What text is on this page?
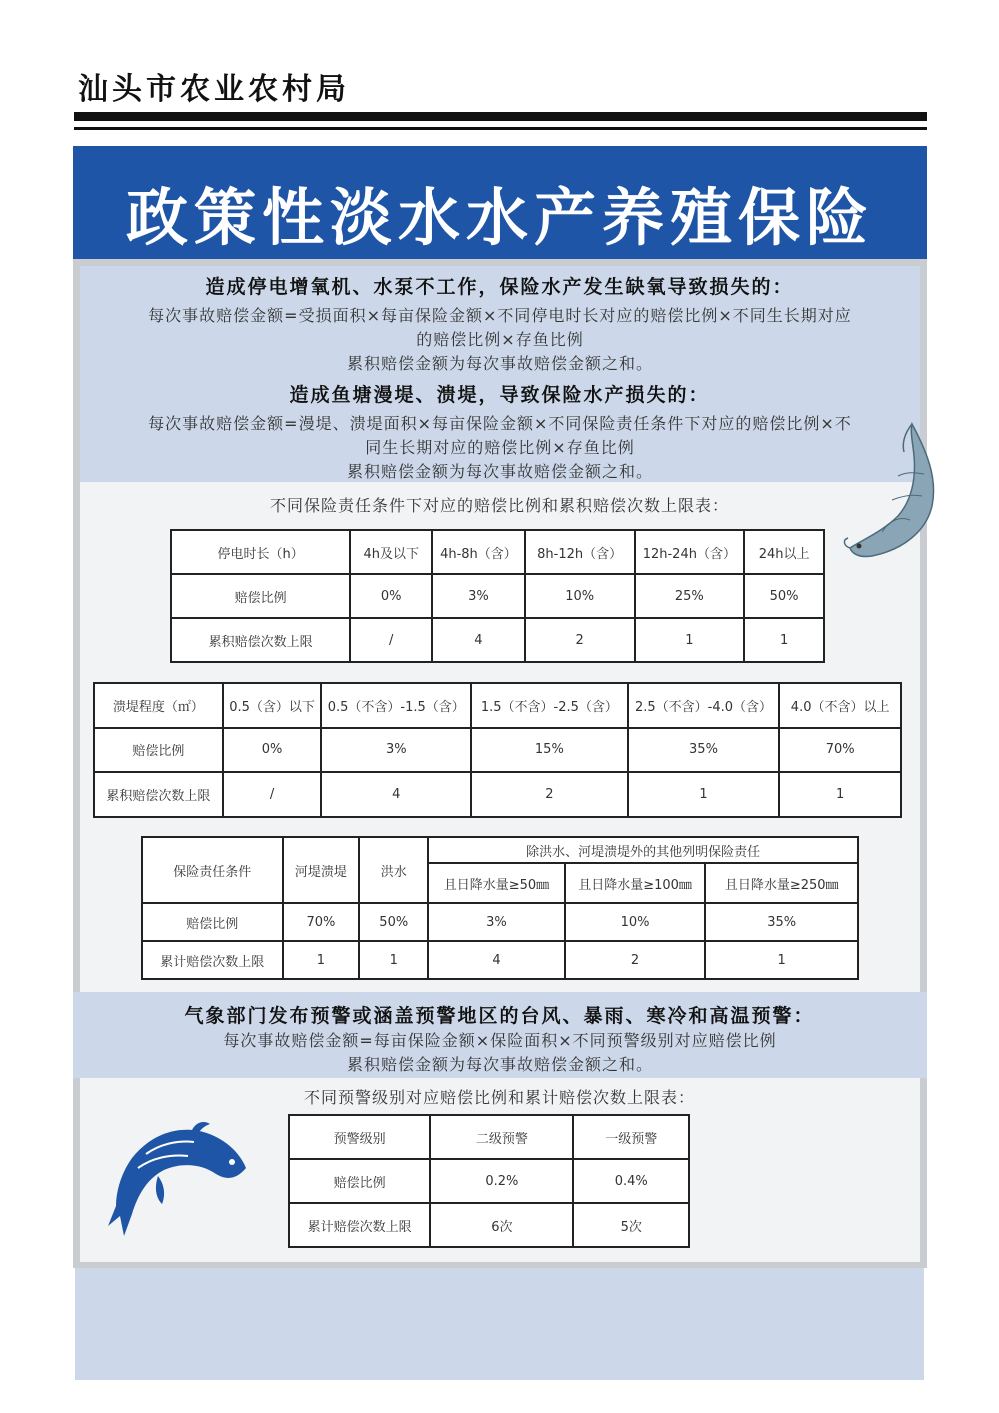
汕头市农业农村局
政策性淡水水产养殖保险
造成停电增氧机、水泵不工作，保险水产发生缺氧导致损失的：
每次事故赔偿金额=受损面积×每亩保险金额×不同停电时长对应的赔偿比例×不同生长期对应
的赔偿比例×存鱼比例
累积赔偿金额为每次事故赔偿金额之和。
造成鱼塘漫堤、溃堤，导致保险水产损失的：
每次事故赔偿金额=漫堤、溃堤面积×每亩保险金额×不同保险责任条件下对应的赔偿比例×不
同生长期对应的赔偿比例×存鱼比例
累积赔偿金额为每次事故赔偿金额之和。
不同保险责任条件下对应的赔偿比例和累积赔偿次数上限表：
停电时长（h）	4h及以下	4h-8h（含）	8h-12h（含）	12h-24h（含）	24h以上
赔偿比例	0%	3%	10%	25%	50%
累积赔偿次数上限	/	4	2	1	1
溃堤程度（㎡）	0.5（含）以下	0.5（不含）-1.5（含）	1.5（不含）-2.5（含）	2.5（不含）-4.0（含）	4.0（不含）以上
赔偿比例	0%	3%	15%	35%	70%
累积赔偿次数上限	/	4	2	1	1
保险责任条件	河堤溃堤	洪水	除洪水、河堤溃堤外的其他列明保险责任		
			且日降水量≥50㎜	且日降水量≥100㎜	且日降水量≥250㎜
赔偿比例	70%	50%	3%	10%	35%
累计赔偿次数上限	1	1	4	2	1
气象部门发布预警或涵盖预警地区的台风、暴雨、寒冷和高温预警：
每次事故赔偿金额=每亩保险金额×保险面积×不同预警级别对应赔偿比例
累积赔偿金额为每次事故赔偿金额之和。
不同预警级别对应赔偿比例和累计赔偿次数上限表：
预警级别	二级预警	一级预警
赔偿比例	0.2%	0.4%
累计赔偿次数上限	6次	5次
